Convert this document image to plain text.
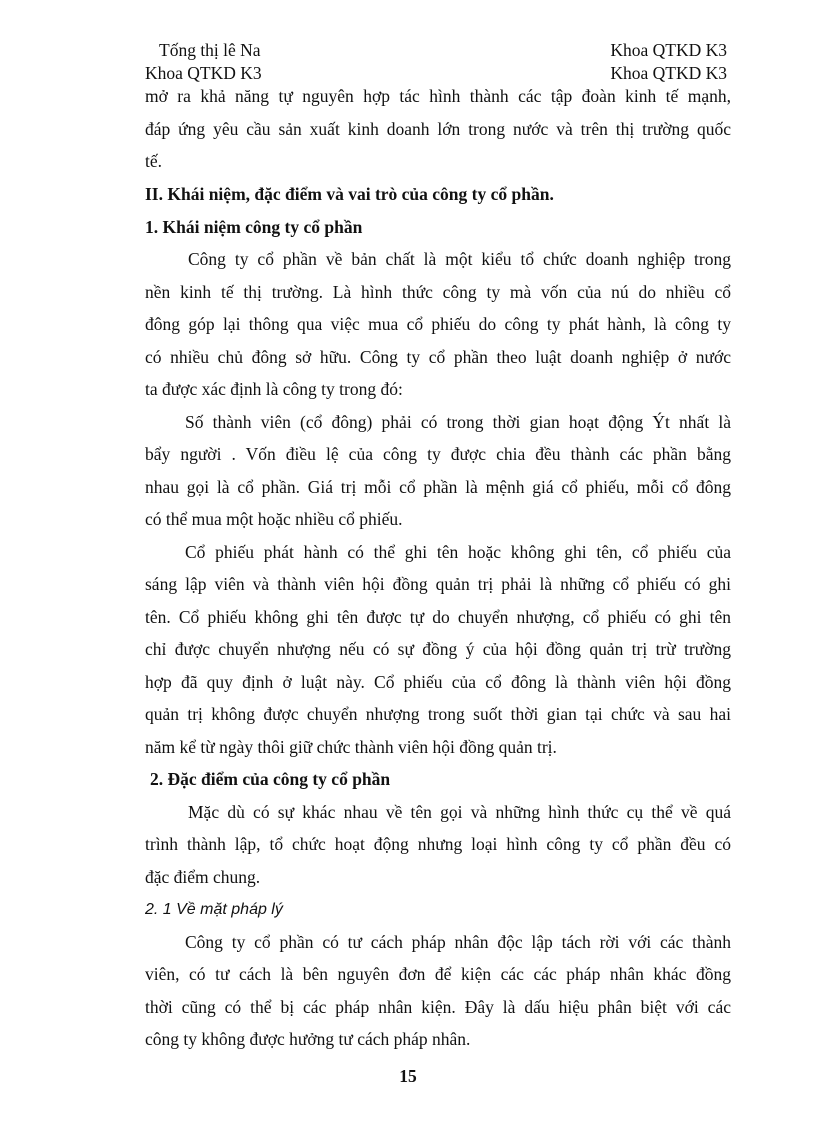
Tống thị lê Na	Khoa QTKD K3
Khoa QTKD K3	Khoa QTKD K3
mở ra khả năng tự nguyên hợp tác hình thành các tập đoàn kinh tế mạnh,
đáp ứng yêu cầu sản xuất kinh doanh lớn trong nước và trên thị trường quốc
tế.
II. Khái niệm, đặc điểm và vai trò của công ty cổ phần.
1. Khái niệm công ty cổ phần
Công ty cổ phần về bản chất là một kiểu tổ chức doanh nghiệp trong
nền kinh tế thị trường. Là hình thức công ty mà vốn của nú do nhiều cổ
đông góp lại thông qua việc mua cổ phiếu do công ty phát hành, là công ty
có nhiều chủ đông sở hữu. Công ty cổ phần theo luật doanh nghiệp ở nước
ta được xác định là công ty trong đó:
Số thành viên (cổ đông) phải có trong thời gian hoạt động Ýt nhất là
bẩy người . Vốn điều lệ của công ty được chia đều thành các phần bằng
nhau gọi là cổ phần. Giá trị mỗi cổ phần là mệnh giá cổ phiếu, mỗi cổ đông
có thể mua một hoặc nhiều cổ phiếu.
Cổ phiếu phát hành có thể ghi tên hoặc không ghi tên, cổ phiếu của
sáng lập viên và thành viên hội đồng quản trị phải là những cổ phiếu có ghi
tên. Cổ phiếu không ghi tên được tự do chuyển nhượng, cổ phiếu có ghi tên
chỉ được chuyển nhượng nếu có sự đồng ý của hội đồng quản trị trừ trường
hợp đã quy định ở luật này. Cổ phiếu của cổ đông là thành viên hội đồng
quản trị không được chuyển nhượng trong suốt thời gian tại chức và sau hai
năm kể từ ngày thôi giữ chức thành viên hội đồng quản trị.
2. Đặc điểm của công ty cổ phần
Mặc dù có sự khác nhau về tên gọi và những hình thức cụ thể về quá
trình thành lập, tổ chức hoạt động nhưng loại hình công ty cổ phần đều có
đặc điểm chung.
2. 1 Về mặt pháp lý
Công ty cổ phần có tư cách pháp nhân độc lập tách rời với các thành
viên, có tư cách là bên nguyên đơn để kiện các các pháp nhân khác đồng
thời cũng có thể bị các pháp nhân kiện. Đây là dấu hiệu phân biệt với các
công ty không được hưởng tư cách pháp nhân.
15
